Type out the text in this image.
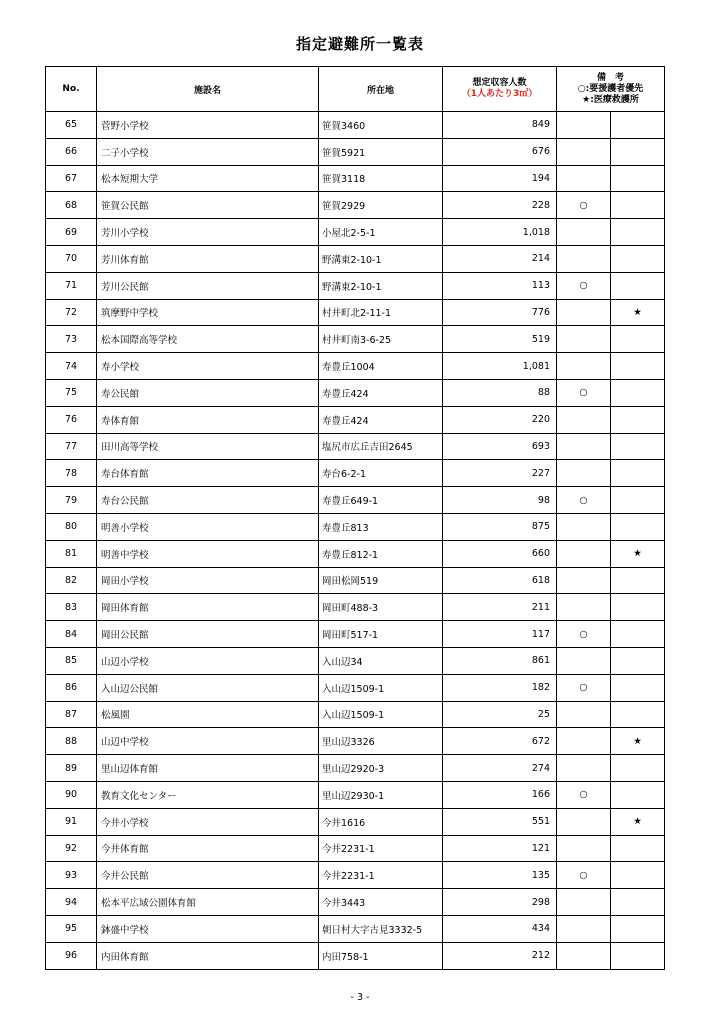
指定避難所一覧表
No.	施設名	所在地	想定収容人数
（1人あたり3㎡）	備　考
○:要援護者優先
★:医療救護所	

65	菅野小学校	笹賀3460	849		
66	二子小学校	笹賀5921	676		
67	松本短期大学	笹賀3118	194		
68	笹賀公民館	笹賀2929	228	○	
69	芳川小学校	小屋北2-5-1	1,018		
70	芳川体育館	野溝東2-10-1	214		
71	芳川公民館	野溝東2-10-1	113	○	
72	筑摩野中学校	村井町北2-11-1	776		★
73	松本国際高等学校	村井町南3-6-25	519		
74	寿小学校	寿豊丘1004	1,081		
75	寿公民館	寿豊丘424	88	○	
76	寿体育館	寿豊丘424	220		
77	田川高等学校	塩尻市広丘吉田2645	693		
78	寿台体育館	寿台6-2-1	227		
79	寿台公民館	寿豊丘649-1	98	○	
80	明善小学校	寿豊丘813	875		
81	明善中学校	寿豊丘812-1	660		★
82	岡田小学校	岡田松岡519	618		
83	岡田体育館	岡田町488-3	211		
84	岡田公民館	岡田町517-1	117	○	
85	山辺小学校	入山辺34	861		
86	入山辺公民館	入山辺1509-1	182	○	
87	松風園	入山辺1509-1	25		
88	山辺中学校	里山辺3326	672		★
89	里山辺体育館	里山辺2920-3	274		
90	教育文化センター	里山辺2930-1	166	○	
91	今井小学校	今井1616	551		★
92	今井体育館	今井2231-1	121		
93	今井公民館	今井2231-1	135	○	
94	松本平広域公園体育館	今井3443	298		
95	鉢盛中学校	朝日村大字古見3332-5	434		
96	内田体育館	内田758-1	212		
- 3 -
